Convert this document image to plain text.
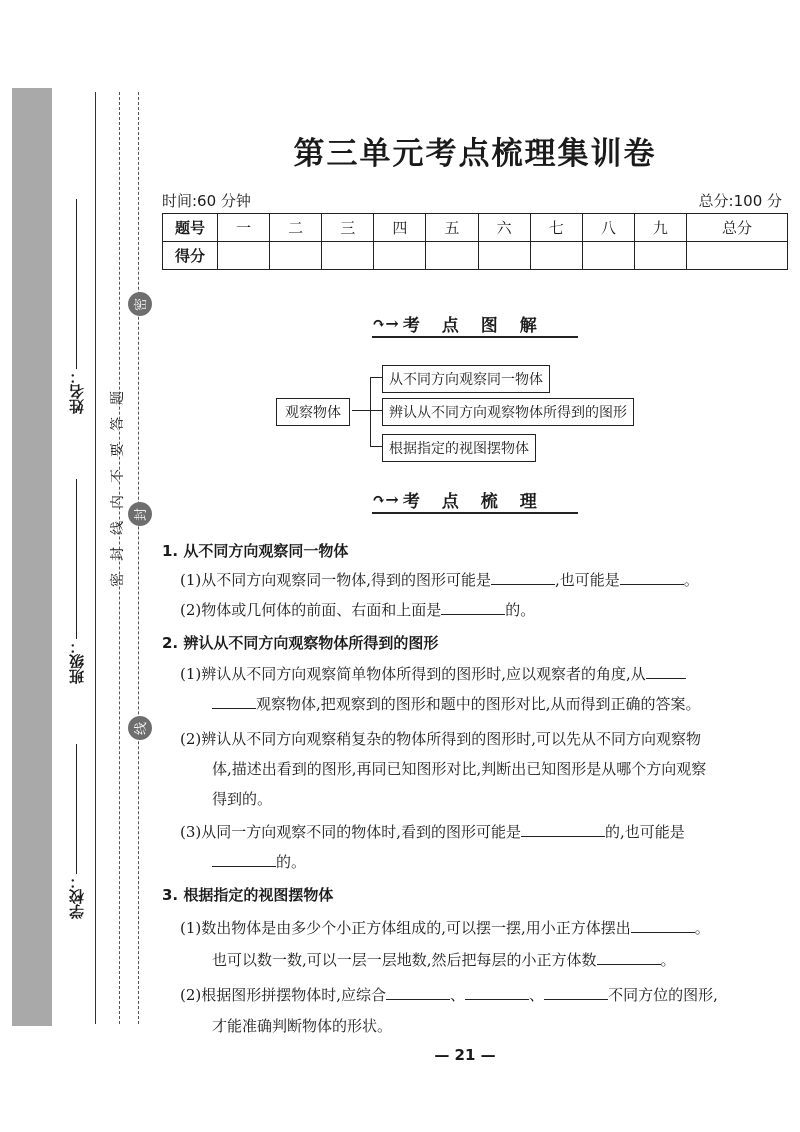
姓名：
班级：
学校：
题
答
要
不
内
线
封
密
密
封
线
第三单元考点梳理集训卷
时间:60 分钟	总分:100 分
题号	一	二	三	四	五	六	七	八	九	总分
得分										
↷→ 考点图解
观察物体
从不同方向观察同一物体
辨认从不同方向观察物体所得到的图形
根据指定的视图摆物体
↷→ 考点梳理
1. 从不同方向观察同一物体
(1)从不同方向观察同一物体,得到的图形可能是	,也可能是	。
(2)物体或几何体的前面、右面和上面是	的。
2. 辨认从不同方向观察物体所得到的图形
(1)辨认从不同方向观察简单物体所得到的图形时,应以观察者的角度,从
观察物体,把观察到的图形和题中的图形对比,从而得到正确的答案。
(2)辨认从不同方向观察稍复杂的物体所得到的图形时,可以先从不同方向观察物
体,描述出看到的图形,再同已知图形对比,判断出已知图形是从哪个方向观察
得到的。
(3)从同一方向观察不同的物体时,看到的图形可能是	的,也可能是
的。
3. 根据指定的视图摆物体
(1)数出物体是由多少个小正方体组成的,可以摆一摆,用小正方体摆出	。
也可以数一数,可以一层一层地数,然后把每层的小正方体数	。
(2)根据图形拼摆物体时,应综合	、	、	不同方位的图形,
才能准确判断物体的形状。
— 21 —
